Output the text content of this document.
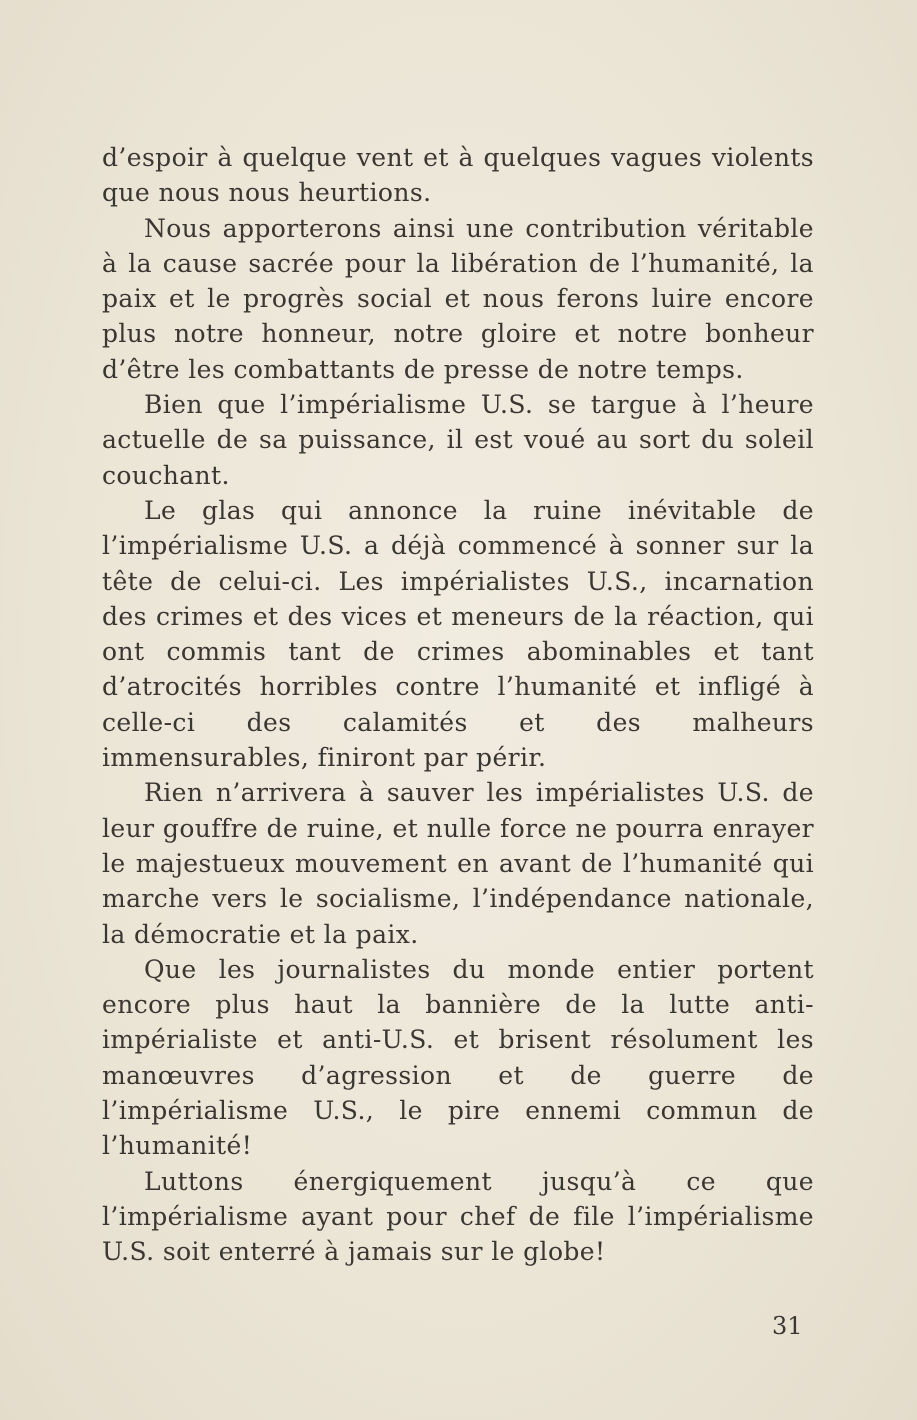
d’espoir à quelque vent et à quelques vagues violents que nous nous heurtions.

Nous apporterons ainsi une contribution véritable à la cause sacrée pour la libération de l’humanité, la paix et le progrès social et nous ferons luire encore plus notre honneur, notre gloire et notre bonheur d’être les combattants de presse de notre temps.

Bien que l’impérialisme U.S. se targue à l’heure actuelle de sa puissance, il est voué au sort du soleil couchant.

Le glas qui annonce la ruine inévitable de l’impérialisme U.S. a déjà commencé à sonner sur la tête de celui-ci. Les impérialistes U.S., incarnation des crimes et des vices et meneurs de la réaction, qui ont commis tant de crimes abominables et tant d’atrocités horribles contre l’humanité et infligé à celle-ci des calamités et des malheurs immensurables, finiront par périr.

Rien n’arrivera à sauver les impérialistes U.S. de leur gouffre de ruine, et nulle force ne pourra enrayer le majestueux mouvement en avant de l’humanité qui marche vers le socialisme, l’indépendance nationale, la démocratie et la paix.

Que les journalistes du monde entier portent encore plus haut la bannière de la lutte anti-impérialiste et anti-U.S. et brisent résolument les manœuvres d’agression et de guerre de l’impérialisme U.S., le pire ennemi commun de l’humanité!

Luttons énergiquement jusqu’à ce que l’impérialisme ayant pour chef de file l’impérialisme U.S. soit enterré à jamais sur le globe!

31
